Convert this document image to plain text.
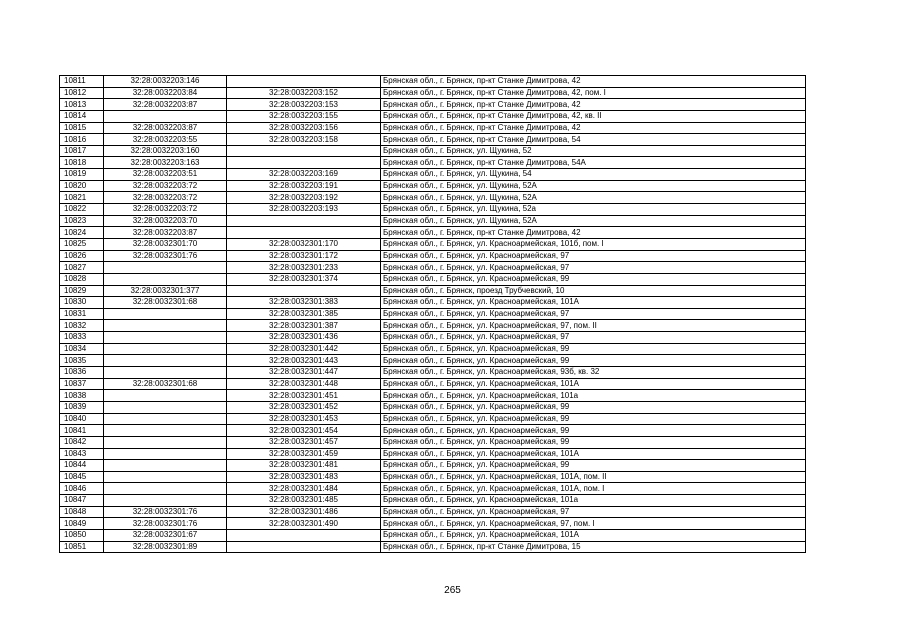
10811	32:28:0032203:146		Брянская обл., г. Брянск, пр-кт Станке Димитрова, 42
10812	32:28:0032203:84	32:28:0032203:152	Брянская обл., г. Брянск, пр-кт Станке Димитрова, 42, пом. I
10813	32:28:0032203:87	32:28:0032203:153	Брянская обл., г. Брянск, пр-кт Станке Димитрова, 42
10814		32:28:0032203:155	Брянская обл., г. Брянск, пр-кт Станке Димитрова, 42, кв. II
10815	32:28:0032203:87	32:28:0032203:156	Брянская обл., г. Брянск, пр-кт Станке Димитрова, 42
10816	32:28:0032203:55	32:28:0032203:158	Брянская обл., г. Брянск, пр-кт Станке Димитрова, 54
10817	32:28:0032203:160		Брянская обл., г. Брянск, ул. Щукина, 52
10818	32:28:0032203:163		Брянская обл., г. Брянск, пр-кт Станке Димитрова, 54А
10819	32:28:0032203:51	32:28:0032203:169	Брянская обл., г. Брянск, ул. Щукина, 54
10820	32:28:0032203:72	32:28:0032203:191	Брянская обл., г. Брянск, ул. Щукина, 52А
10821	32:28:0032203:72	32:28:0032203:192	Брянская обл., г. Брянск, ул. Щукина, 52А
10822	32:28:0032203:72	32:28:0032203:193	Брянская обл., г. Брянск, ул. Щукина, 52а
10823	32:28:0032203:70		Брянская обл., г. Брянск, ул. Щукина, 52А
10824	32:28:0032203:87		Брянская обл., г. Брянск, пр-кт Станке Димитрова, 42
10825	32:28:0032301:70	32:28:0032301:170	Брянская обл., г. Брянск, ул. Красноармейская, 101б, пом. I
10826	32:28:0032301:76	32:28:0032301:172	Брянская обл., г. Брянск, ул. Красноармейская, 97
10827		32:28:0032301:233	Брянская обл., г. Брянск, ул. Красноармейская, 97
10828		32:28:0032301:374	Брянская обл., г. Брянск, ул. Красноармейская, 99
10829	32:28:0032301:377		Брянская обл., г. Брянск, проезд Трубчевский, 10
10830	32:28:0032301:68	32:28:0032301:383	Брянская обл., г. Брянск, ул. Красноармейская, 101А
10831		32:28:0032301:385	Брянская обл., г. Брянск, ул. Красноармейская, 97
10832		32:28:0032301:387	Брянская обл., г. Брянск, ул. Красноармейская, 97, пом. II
10833		32:28:0032301:436	Брянская обл., г. Брянск, ул. Красноармейская, 97
10834		32:28:0032301:442	Брянская обл., г. Брянск, ул. Красноармейская, 99
10835		32:28:0032301:443	Брянская обл., г. Брянск, ул. Красноармейская, 99
10836		32:28:0032301:447	Брянская обл., г. Брянск, ул. Красноармейская, 93б, кв. 32
10837	32:28:0032301:68	32:28:0032301:448	Брянская обл., г. Брянск, ул. Красноармейская, 101А
10838		32:28:0032301:451	Брянская обл., г. Брянск, ул. Красноармейская, 101а
10839		32:28:0032301:452	Брянская обл., г. Брянск, ул. Красноармейская, 99
10840		32:28:0032301:453	Брянская обл., г. Брянск, ул. Красноармейская, 99
10841		32:28:0032301:454	Брянская обл., г. Брянск, ул. Красноармейская, 99
10842		32:28:0032301:457	Брянская обл., г. Брянск, ул. Красноармейская, 99
10843		32:28:0032301:459	Брянская обл., г. Брянск, ул. Красноармейская, 101А
10844		32:28:0032301:481	Брянская обл., г. Брянск, ул. Красноармейская, 99
10845		32:28:0032301:483	Брянская обл., г. Брянск, ул. Красноармейская, 101А, пом. II
10846		32:28:0032301:484	Брянская обл., г. Брянск, ул. Красноармейская, 101А, пом. I
10847		32:28:0032301:485	Брянская обл., г. Брянск, ул. Красноармейская, 101а
10848	32:28:0032301:76	32:28:0032301:486	Брянская обл., г. Брянск, ул. Красноармейская, 97
10849	32:28:0032301:76	32:28:0032301:490	Брянская обл., г. Брянск, ул. Красноармейская, 97, пом. I
10850	32:28:0032301:67		Брянская обл., г. Брянск, ул. Красноармейская, 101А
10851	32:28:0032301:89		Брянская обл., г. Брянск, пр-кт Станке Димитрова, 15
265
